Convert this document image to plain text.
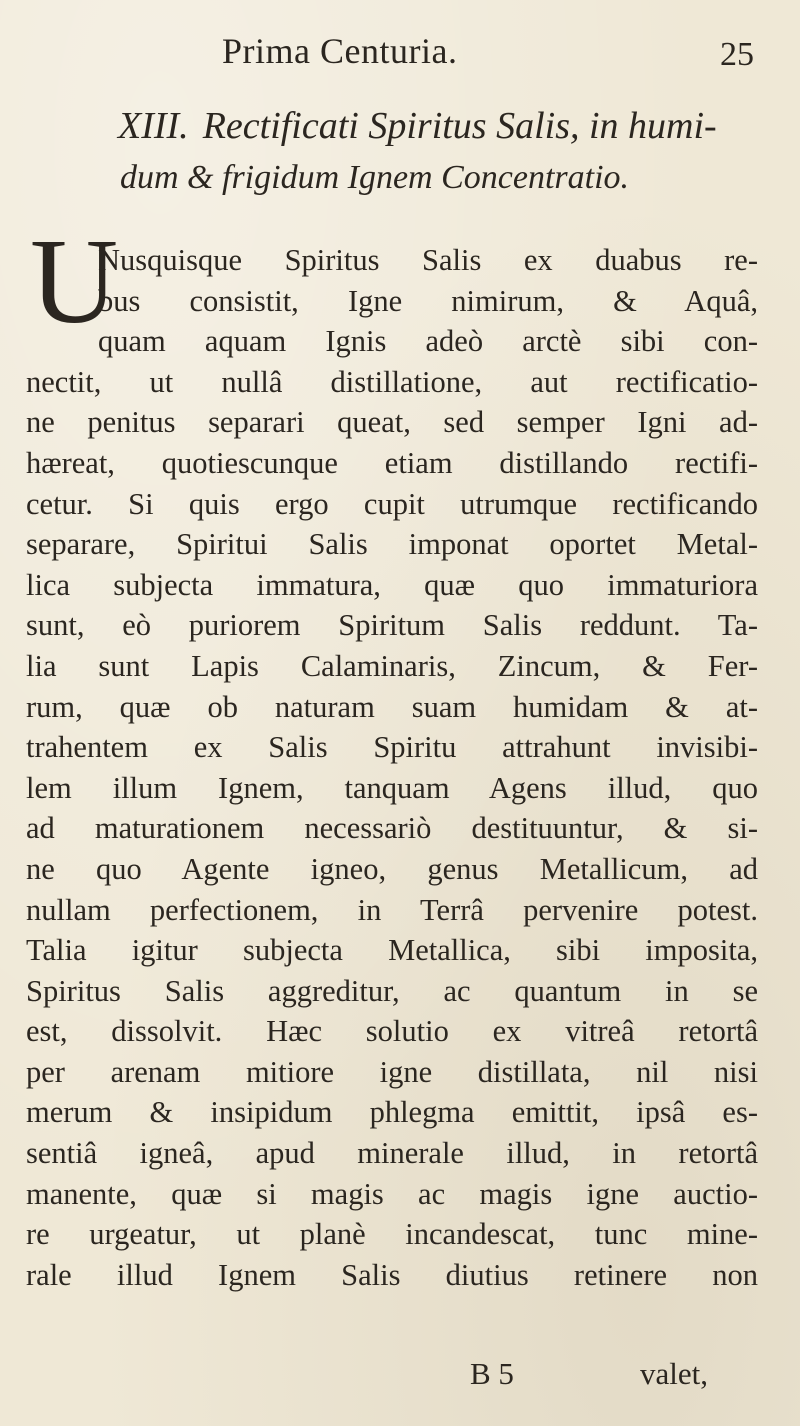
Prima Centuria.	25
XIII. Rectificati Spiritus Salis, in humi-
dum & frigidum Ignem Concentratio.
U
Nusquisque Spiritus Salis ex duabus re-
bus consistit, Igne nimirum, & Aquâ,
quam aquam Ignis adeò arctè sibi con-
nectit, ut nullâ distillatione, aut rectificatio-
ne penitus separari queat, sed semper Igni ad-
hæreat, quotiescunque etiam distillando rectifi-
cetur. Si quis ergo cupit utrumque rectificando
separare, Spiritui Salis imponat oportet Metal-
lica subjecta immatura, quæ quo immaturiora
sunt, eò puriorem Spiritum Salis reddunt. Ta-
lia sunt Lapis Calaminaris, Zincum, & Fer-
rum, quæ ob naturam suam humidam & at-
trahentem ex Salis Spiritu attrahunt invisibi-
lem illum Ignem, tanquam Agens illud, quo
ad maturationem necessariò destituuntur, & si-
ne quo Agente igneo, genus Metallicum, ad
nullam perfectionem, in Terrâ pervenire potest.
Talia igitur subjecta Metallica, sibi imposita,
Spiritus Salis aggreditur, ac quantum in se
est, dissolvit. Hæc solutio ex vitreâ retortâ
per arenam mitiore igne distillata, nil nisi
merum & insipidum phlegma emittit, ipsâ es-
sentiâ igneâ, apud minerale illud, in retortâ
manente, quæ si magis ac magis igne auctio-
re urgeatur, ut planè incandescat, tunc mine-
rale illud Ignem Salis diutius retinere non
B 5	valet,
